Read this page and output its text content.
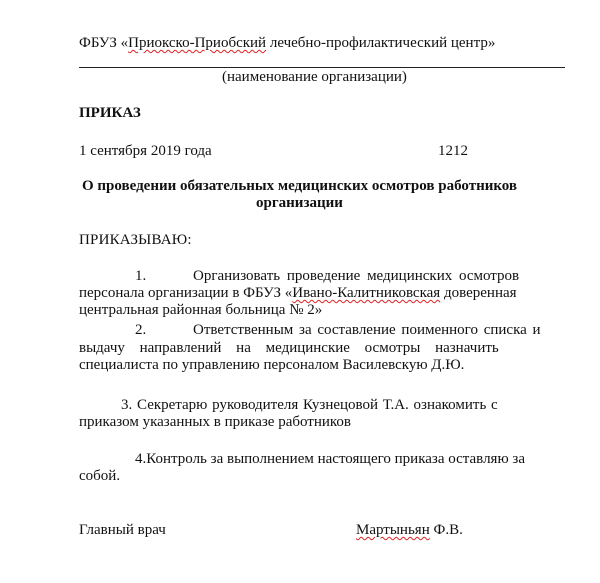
ФБУЗ «Приокско-Приобский лечебно-профилактический центр»
(наименование организации)
ПРИКАЗ
1 сентября 2019 года	1212
О проведении обязательных медицинских осмотров работников
организации
ПРИКАЗЫВАЮ:
1.	Организовать проведение медицинских осмотров
персонала организации в ФБУЗ «Ивано-Калитниковская доверенная
центральная районная больница № 2»
2.	Ответственным за составление поименного списка и
выдачу направлений на медицинские осмотры назначить
специалиста по управлению персоналом Василевскую Д.Ю.
3. Секретарю руководителя Кузнецовой Т.А. ознакомить с
приказом указанных в приказе работников
4.Контроль за выполнением настоящего приказа оставляю за
собой.
Главный врач	Мартыньян Ф.В.
